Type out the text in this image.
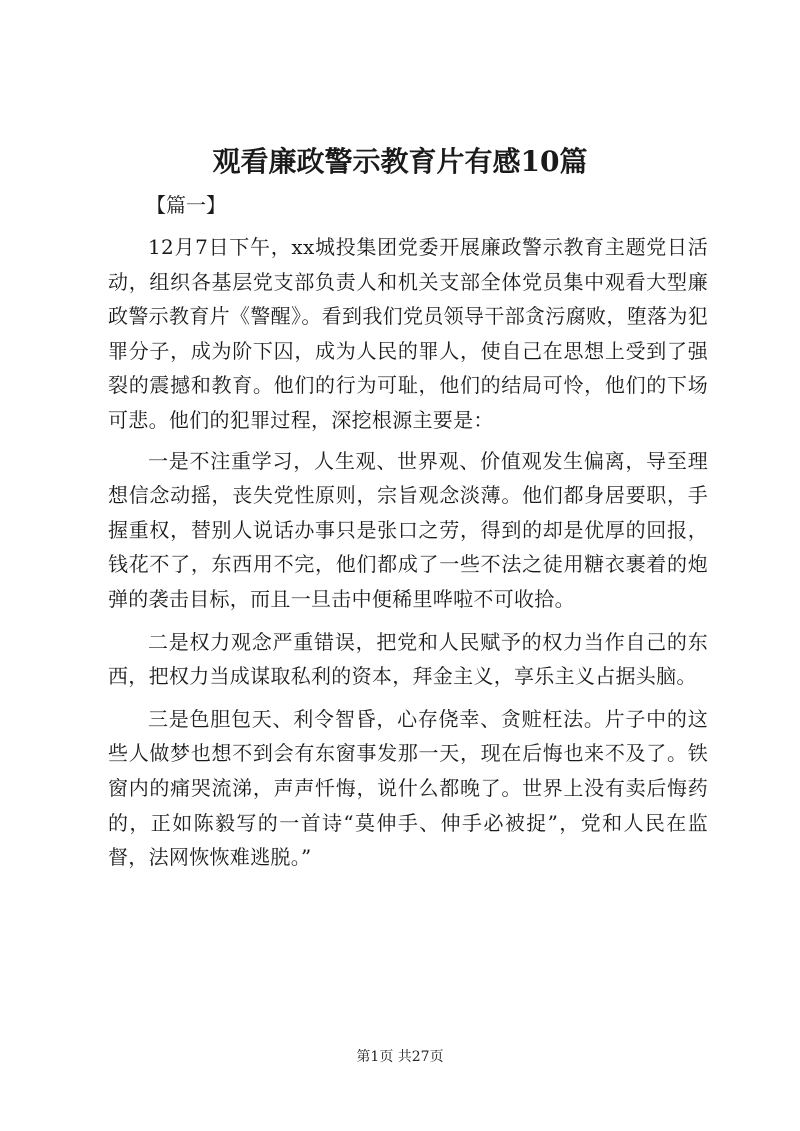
观看廉政警示教育片有感10篇

【篇一】

12月7日下午，xx城投集团党委开展廉政警示教育主题党日活动，组织各基层党支部负责人和机关支部全体党员集中观看大型廉政警示教育片《警醒》。看到我们党员领导干部贪污腐败，堕落为犯罪分子，成为阶下囚，成为人民的罪人，使自己在思想上受到了强裂的震撼和教育。他们的行为可耻，他们的结局可怜，他们的下场可悲。他们的犯罪过程，深挖根源主要是：

一是不注重学习，人生观、世界观、价值观发生偏离，导至理想信念动摇，丧失党性原则，宗旨观念淡薄。他们都身居要职，手握重权，替别人说话办事只是张口之劳，得到的却是优厚的回报，钱花不了，东西用不完，他们都成了一些不法之徒用糖衣裹着的炮弹的袭击目标，而且一旦击中便稀里哗啦不可收拾。

二是权力观念严重错误，把党和人民赋予的权力当作自己的东西，把权力当成谋取私利的资本，拜金主义，享乐主义占据头脑。

三是色胆包天、利令智昏，心存侥幸、贪赃枉法。片子中的这些人做梦也想不到会有东窗事发那一天，现在后悔也来不及了。铁窗内的痛哭流涕，声声忏悔，说什么都晚了。世界上没有卖后悔药的，正如陈毅写的一首诗“莫伸手、伸手必被捉”，党和人民在监督，法网恢恢难逃脱。”

第1页 共27页
